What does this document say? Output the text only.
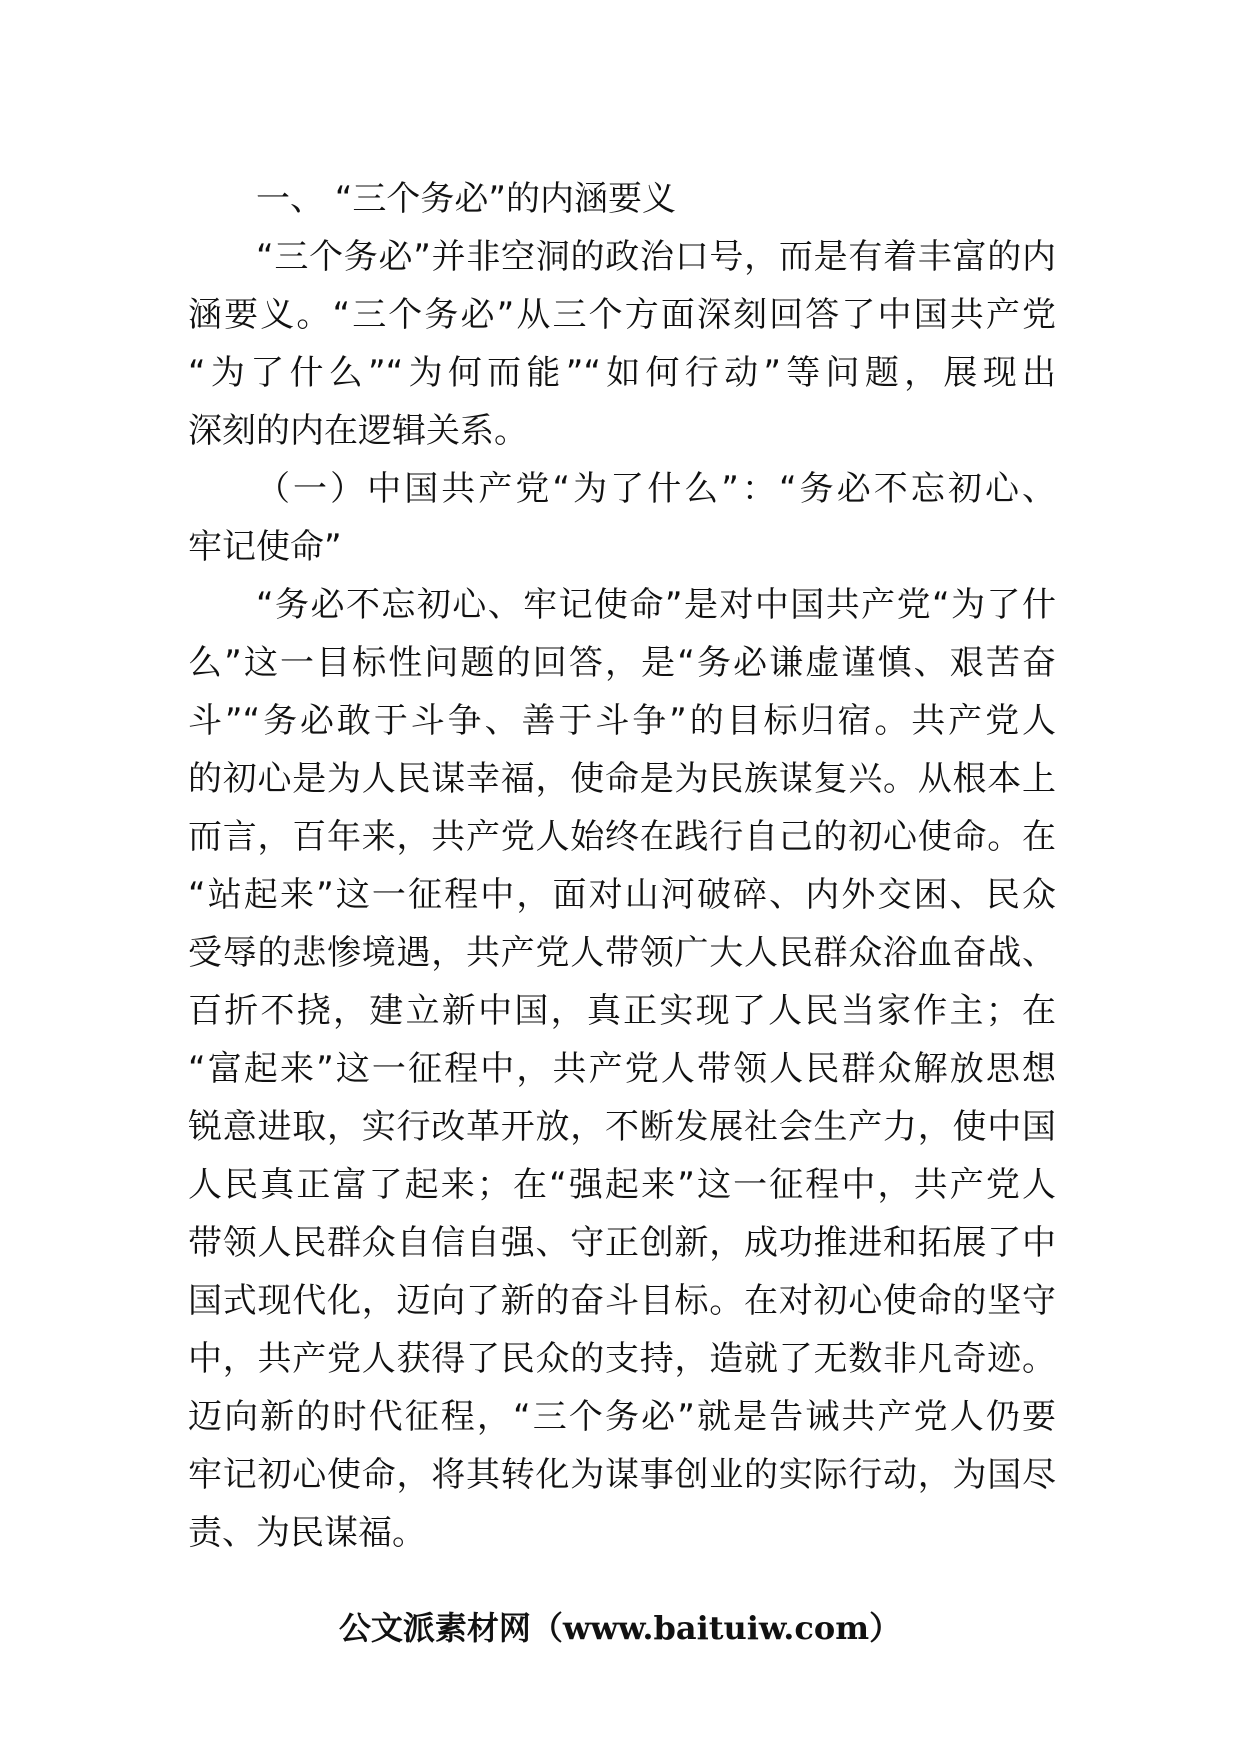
一、 “三个务必”的内涵要义
“三个务必”并非空洞的政治口号，而是有着丰富的内
涵要义。“三个务必”从三个方面深刻回答了中国共产党
“为了什么”“为何而能”“如何行动”等问题，展现出
深刻的内在逻辑关系。
（一）中国共产党“为了什么”：“务必不忘初心、
牢记使命”
“务必不忘初心、牢记使命”是对中国共产党“为了什
么”这一目标性问题的回答，是“务必谦虚谨慎、艰苦奋
斗”“务必敢于斗争、善于斗争”的目标归宿。共产党人
的初心是为人民谋幸福，使命是为民族谋复兴。从根本上
而言，百年来，共产党人始终在践行自己的初心使命。在
“站起来”这一征程中，面对山河破碎、内外交困、民众
受辱的悲惨境遇，共产党人带领广大人民群众浴血奋战、
百折不挠，建立新中国，真正实现了人民当家作主；在
“富起来”这一征程中，共产党人带领人民群众解放思想
锐意进取，实行改革开放，不断发展社会生产力，使中国
人民真正富了起来；在“强起来”这一征程中，共产党人
带领人民群众自信自强、守正创新，成功推进和拓展了中
国式现代化，迈向了新的奋斗目标。在对初心使命的坚守
中，共产党人获得了民众的支持，造就了无数非凡奇迹。
迈向新的时代征程，“三个务必”就是告诫共产党人仍要
牢记初心使命，将其转化为谋事创业的实际行动，为国尽
责、为民谋福。
公文派素材网（www.baituiw.com）
